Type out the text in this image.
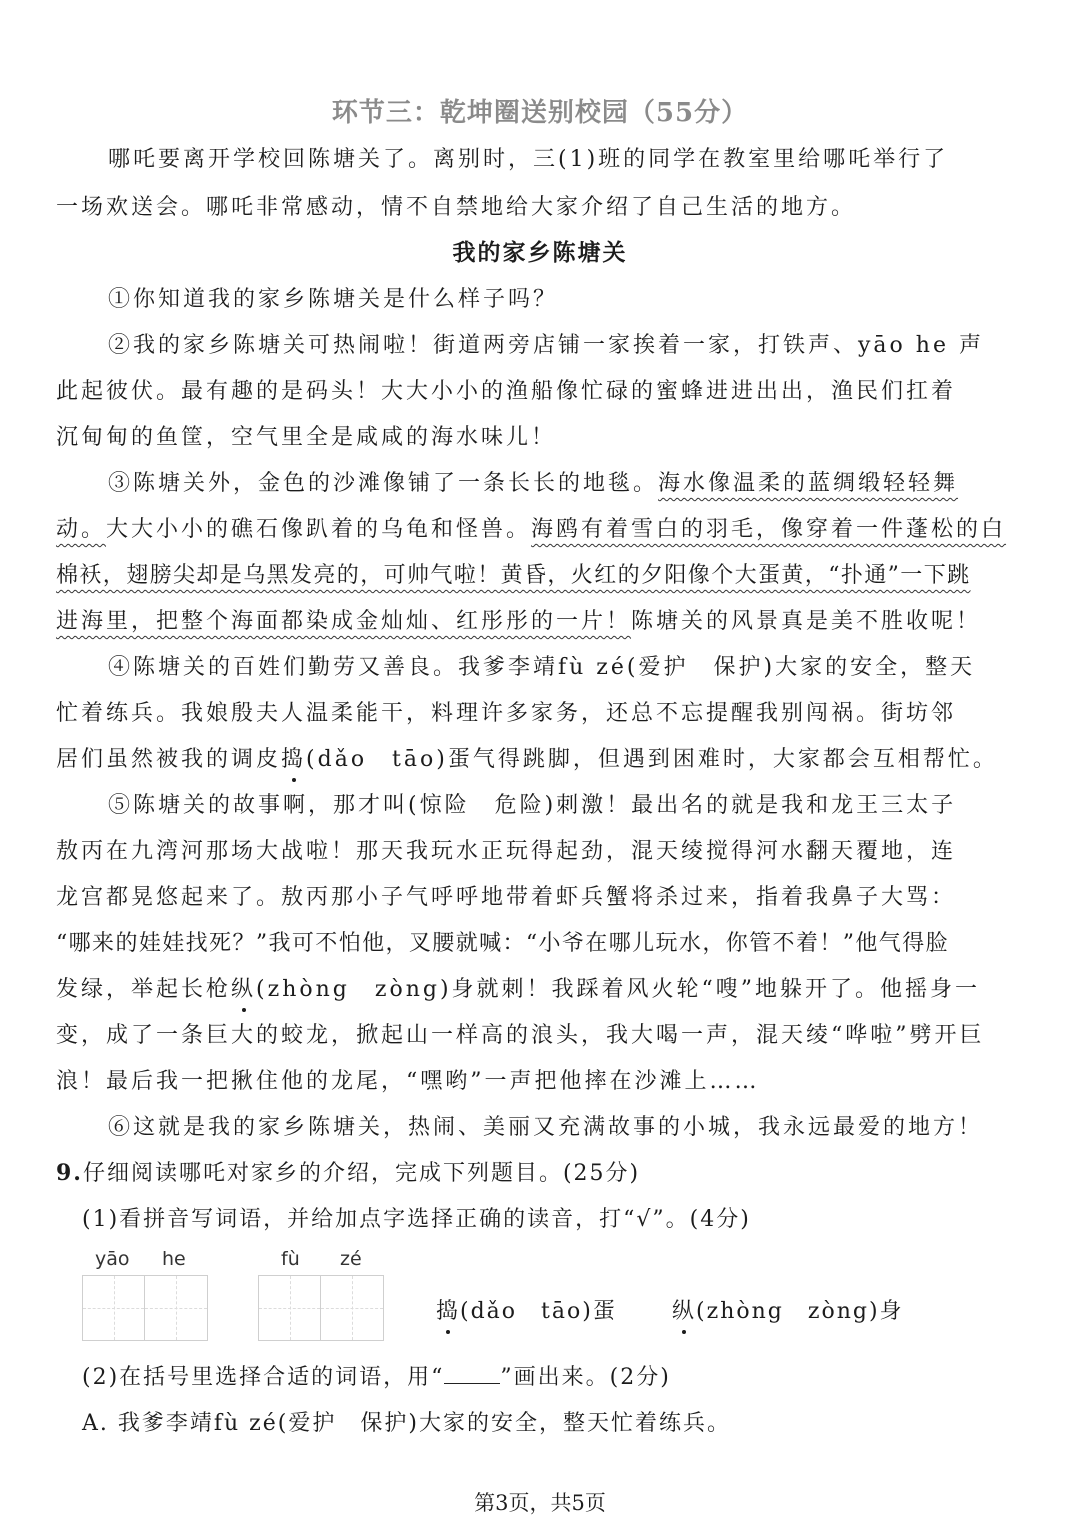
环节三：乾坤圈送别校园（55分）
哪吒要离开学校回陈塘关了。离别时，三(1)班的同学在教室里给哪吒举行了
一场欢送会。哪吒非常感动，情不自禁地给大家介绍了自己生活的地方。
我的家乡陈塘关
①你知道我的家乡陈塘关是什么样子吗？
②我的家乡陈塘关可热闹啦！街道两旁店铺一家挨着一家，打铁声、yāo he 声
此起彼伏。最有趣的是码头！大大小小的渔船像忙碌的蜜蜂进进出出，渔民们扛着
沉甸甸的鱼筐，空气里全是咸咸的海水味儿！
③陈塘关外，金色的沙滩像铺了一条长长的地毯。海水像温柔的蓝绸缎轻轻舞
动。大大小小的礁石像趴着的乌龟和怪兽。海鸥有着雪白的羽毛，像穿着一件蓬松的白
棉袄，翅膀尖却是乌黑发亮的，可帅气啦！黄昏，火红的夕阳像个大蛋黄，“扑通”一下跳
进海里，把整个海面都染成金灿灿、红彤彤的一片！陈塘关的风景真是美不胜收呢！
④陈塘关的百姓们勤劳又善良。我爹李靖fù zé(爱护　保护)大家的安全，整天
忙着练兵。我娘殷夫人温柔能干，料理许多家务，还总不忘提醒我别闯祸。街坊邻
居们虽然被我的调皮捣(dǎo　tāo)蛋气得跳脚，但遇到困难时，大家都会互相帮忙。
⑤陈塘关的故事啊，那才叫(惊险　危险)刺激！最出名的就是我和龙王三太子
敖丙在九湾河那场大战啦！那天我玩水正玩得起劲，混天绫搅得河水翻天覆地，连
龙宫都晃悠起来了。敖丙那小子气呼呼地带着虾兵蟹将杀过来，指着我鼻子大骂：
“哪来的娃娃找死？”我可不怕他，叉腰就喊：“小爷在哪儿玩水，你管不着！”他气得脸
发绿，举起长枪纵(zhòng　zòng)身就刺！我踩着风火轮“嗖”地躲开了。他摇身一
变，成了一条巨大的蛟龙，掀起山一样高的浪头，我大喝一声，混天绫“哗啦”劈开巨
浪！最后我一把揪住他的龙尾，“嘿哟”一声把他摔在沙滩上……
⑥这就是我的家乡陈塘关，热闹、美丽又充满故事的小城，我永远最爱的地方！
9.仔细阅读哪吒对家乡的介绍，完成下列题目。(25分)
(1)看拼音写词语，并给加点字选择正确的读音，打“√”。(4分)
yāo he	fù zé
捣(dǎo　tāo)蛋	纵(zhòng　zòng)身
(2)在括号里选择合适的词语，用“	”画出来。(2分)
A. 我爹李靖fù zé(爱护　保护)大家的安全，整天忙着练兵。
第3页，共5页
